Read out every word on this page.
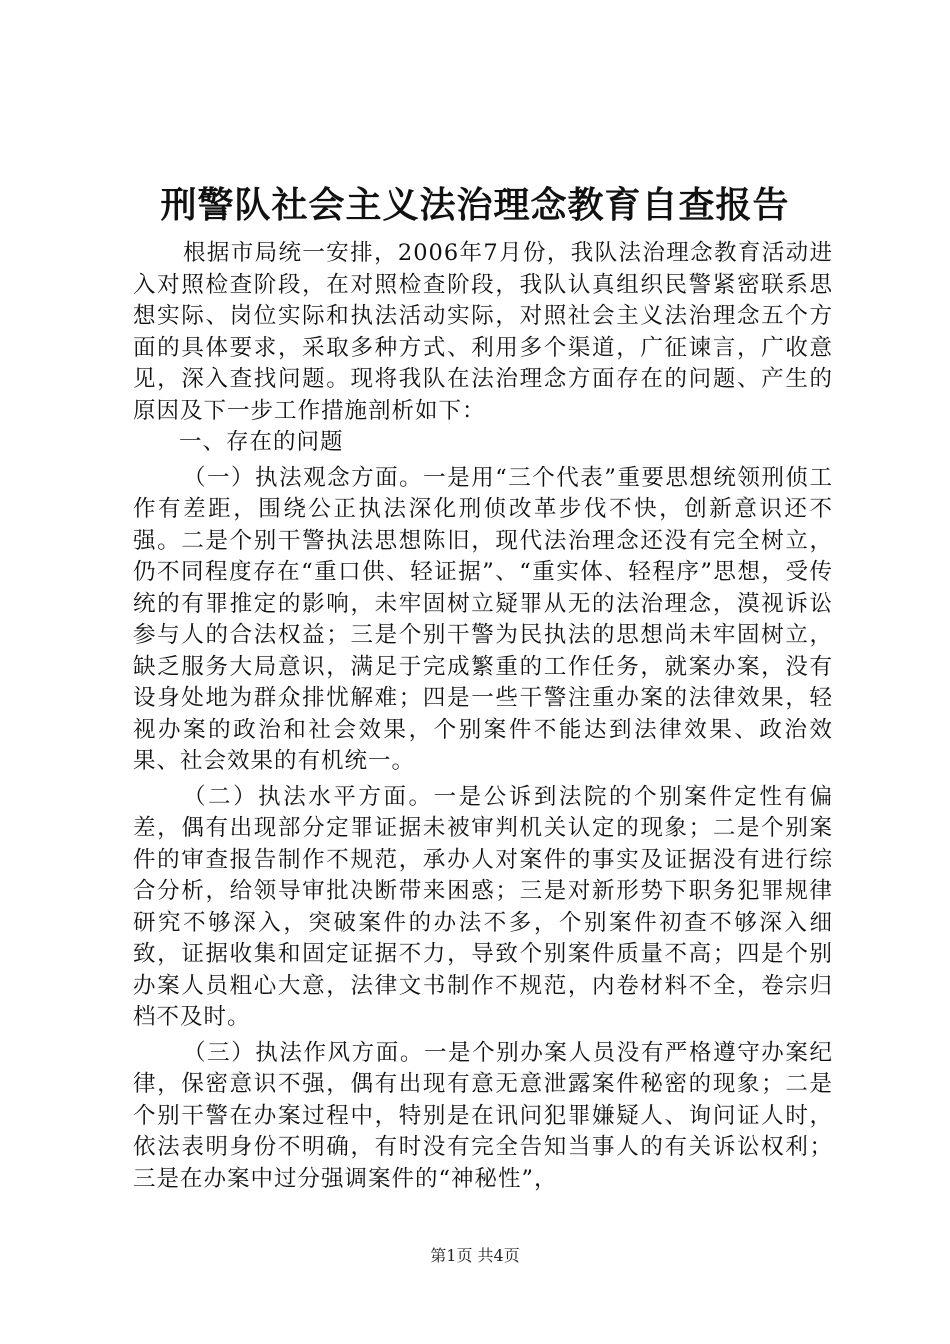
刑警队社会主义法治理念教育自查报告

根据市局统一安排，2006年7月份，我队法治理念教育活动进入对照检查阶段，在对照检查阶段，我队认真组织民警紧密联系思想实际、岗位实际和执法活动实际，对照社会主义法治理念五个方面的具体要求，采取多种方式、利用多个渠道，广征谏言，广收意见，深入查找问题。现将我队在法治理念方面存在的问题、产生的原因及下一步工作措施剖析如下：

一、存在的问题

（一）执法观念方面。一是用“三个代表”重要思想统领刑侦工作有差距，围绕公正执法深化刑侦改革步伐不快，创新意识还不强。二是个别干警执法思想陈旧，现代法治理念还没有完全树立，仍不同程度存在“重口供、轻证据”、“重实体、轻程序”思想，受传统的有罪推定的影响，未牢固树立疑罪从无的法治理念，漠视诉讼参与人的合法权益；三是个别干警为民执法的思想尚未牢固树立，缺乏服务大局意识，满足于完成繁重的工作任务，就案办案，没有设身处地为群众排忧解难；四是一些干警注重办案的法律效果，轻视办案的政治和社会效果，个别案件不能达到法律效果、政治效果、社会效果的有机统一。

（二）执法水平方面。一是公诉到法院的个别案件定性有偏差，偶有出现部分定罪证据未被审判机关认定的现象；二是个别案件的审查报告制作不规范，承办人对案件的事实及证据没有进行综合分析，给领导审批决断带来困惑；三是对新形势下职务犯罪规律研究不够深入，突破案件的办法不多，个别案件初查不够深入细致，证据收集和固定证据不力，导致个别案件质量不高；四是个别办案人员粗心大意，法律文书制作不规范，内卷材料不全，卷宗归档不及时。

（三）执法作风方面。一是个别办案人员没有严格遵守办案纪律，保密意识不强，偶有出现有意无意泄露案件秘密的现象；二是个别干警在办案过程中，特别是在讯问犯罪嫌疑人、询问证人时，依法表明身份不明确，有时没有完全告知当事人的有关诉讼权利；三是在办案中过分强调案件的“神秘性”，

第1页 共4页
